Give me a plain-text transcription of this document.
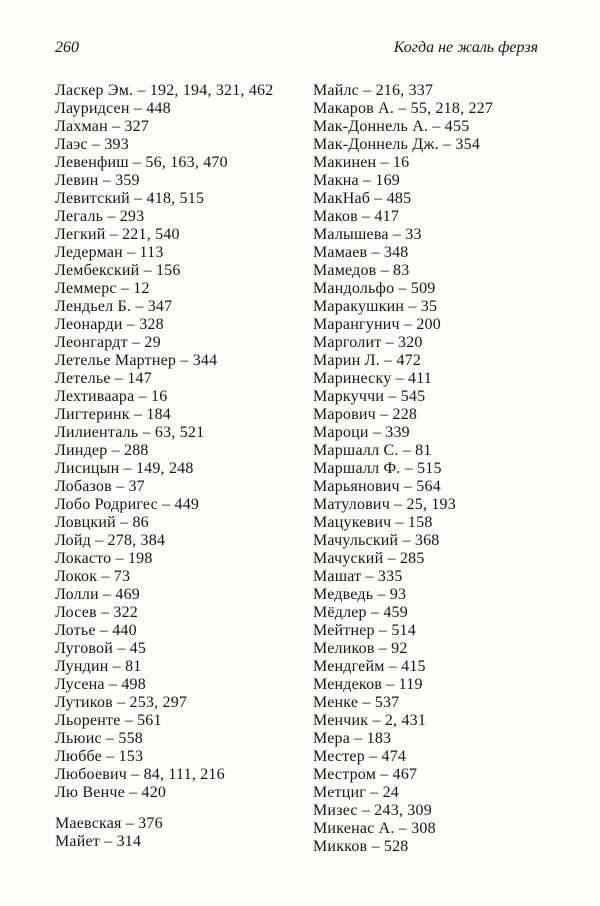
260	Когда не жаль ферзя
Ласкер Эм. – 192, 194, 321, 462
Лауридсен – 448
Лахман – 327
Лаэс – 393
Левенфиш – 56, 163, 470
Левин – 359
Левитский – 418, 515
Легаль – 293
Легкий – 221, 540
Ледерман – 113
Лембекский – 156
Леммерс – 12
Лендьел Б. – 347
Леонарди – 328
Леонгардт – 29
Летелье Мартнер – 344
Летелье – 147
Лехтиваара – 16
Лигтеринк – 184
Лилиенталь – 63, 521
Линдер – 288
Лисицын – 149, 248
Лобазов – 37
Лобо Родригес – 449
Ловцкий – 86
Лойд – 278, 384
Локасто – 198
Локок – 73
Лолли – 469
Лосев – 322
Лотье – 440
Луговой – 45
Лундин – 81
Лусена – 498
Лутиков – 253, 297
Льоренте – 561
Льюис – 558
Люббе – 153
Любоевич – 84, 111, 216
Лю Венче – 420
Маевская – 376
Майет – 314
Майлс – 216, 337
Макаров А. – 55, 218, 227
Мак-Доннель А. – 455
Мак-Доннель Дж. – 354
Макинен – 16
Макна – 169
МакНаб – 485
Маков – 417
Малышева – 33
Мамаев – 348
Мамедов – 83
Мандольфо – 509
Маракушкин – 35
Марангунич – 200
Марголит – 320
Марин Л. – 472
Маринеску – 411
Маркуччи – 545
Марович – 228
Мароци – 339
Маршалл С. – 81
Маршалл Ф. – 515
Марьянович – 564
Матулович – 25, 193
Мацукевич – 158
Мачульский – 368
Мачуский – 285
Машат – 335
Медведь – 93
Мёдлер – 459
Мейтнер – 514
Меликов – 92
Мендгейм – 415
Мендеков – 119
Менке – 537
Менчик – 2, 431
Мера – 183
Местер – 474
Местром – 467
Метциг – 24
Мизес – 243, 309
Микенас А. – 308
Микков – 528
